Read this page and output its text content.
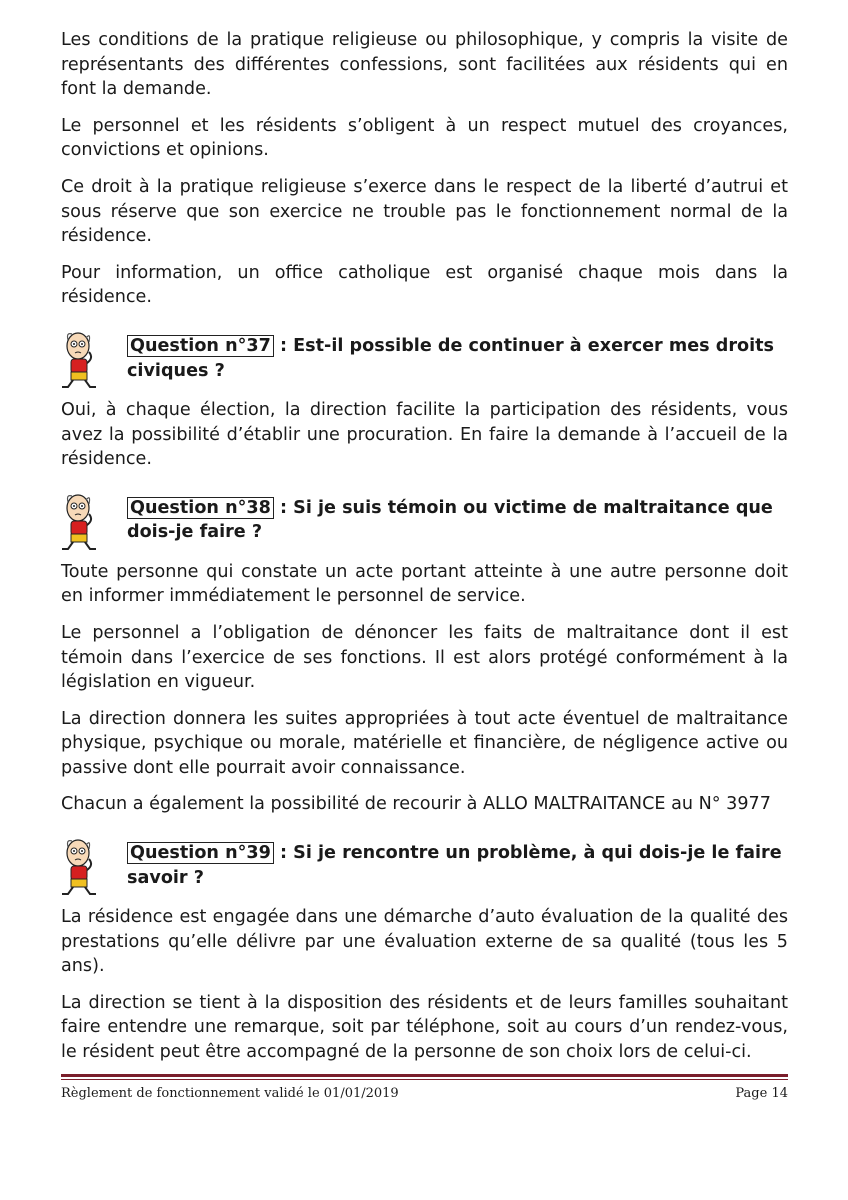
Les conditions de la pratique religieuse ou philosophique, y compris la visite de représentants des différentes confessions, sont facilitées aux résidents qui en font la demande.

Le personnel et les résidents s’obligent à un respect mutuel des croyances, convictions et opinions.

Ce droit à la pratique religieuse s’exerce dans le respect de la liberté d’autrui et sous réserve que son exercice ne trouble pas le fonctionnement normal de la résidence.

Pour information, un office catholique est organisé chaque mois dans la résidence.

Question n°37 : Est-il possible de continuer à exercer mes droits civiques ?

Oui, à chaque élection, la direction facilite la participation des résidents, vous avez la possibilité d’établir une procuration. En faire la demande à l’accueil de la résidence.

Question n°38 : Si je suis témoin ou victime de maltraitance que dois-je faire ?

Toute personne qui constate un acte portant atteinte à une autre personne doit en informer immédiatement le personnel de service.

Le personnel a l’obligation de dénoncer les faits de maltraitance dont il est témoin dans l’exercice de ses fonctions. Il est alors protégé conformément à la législation en vigueur.

La direction donnera les suites appropriées à tout acte éventuel de maltraitance physique, psychique ou morale, matérielle et financière, de négligence active ou passive dont elle pourrait avoir connaissance.

Chacun a également la possibilité de recourir à ALLO MALTRAITANCE au N° 3977

Question n°39 : Si je rencontre un problème, à qui dois-je le faire savoir ?

La résidence est engagée dans une démarche d’auto évaluation de la qualité des prestations qu’elle délivre par une évaluation externe de sa qualité (tous les 5 ans).

La direction se tient à la disposition des résidents et de leurs familles souhaitant faire entendre une remarque, soit par téléphone, soit au cours d’un rendez-vous, le résident peut être accompagné de la personne de son choix lors de celui-ci.

Règlement de fonctionnement validé le 01/01/2019	Page 14
